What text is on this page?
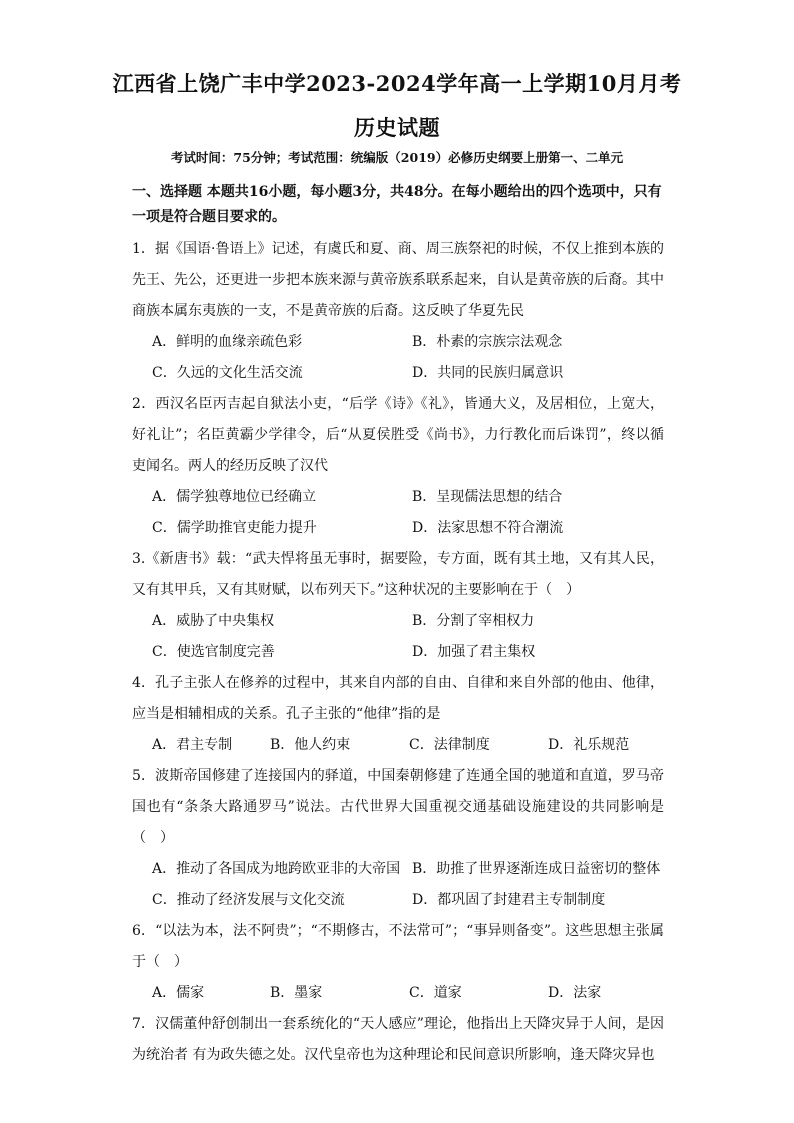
江西省上饶广丰中学2023-2024学年高一上学期10月月考
历史试题
考试时间：75分钟；考试范围：统编版（2019）必修历史纲要上册第一、二单元

一、选择题 本题共16小题，每小题3分，共48分。在每小题给出的四个选项中，只有一项是符合题目要求的。

1．据《国语·鲁语上》记述，有虞氏和夏、商、周三族祭祀的时候，不仅上推到本族的先王、先公，还更进一步把本族来源与黄帝族系联系起来，自认是黄帝族的后裔。其中商族本属东夷族的一支，不是黄帝族的后裔。这反映了华夏先民

A．鲜明的血缘亲疏色彩	B．朴素的宗族宗法观念
C．久远的文化生活交流	D．共同的民族归属意识

2．西汉名臣丙吉起自狱法小吏，“后学《诗》《礼》，皆通大义，及居相位，上宽大，好礼让”；名臣黄霸少学律令，后“从夏侯胜受《尚书》，力行教化而后诛罚”，终以循吏闻名。两人的经历反映了汉代

A．儒学独尊地位已经确立	B．呈现儒法思想的结合
C．儒学助推官吏能力提升	D．法家思想不符合潮流

3.《新唐书》载：“武夫悍将虽无事时，据要险，专方面，既有其土地，又有其人民，又有其甲兵，又有其财赋，以布列天下。”这种状况的主要影响在于（　）

A．威胁了中央集权	B．分割了宰相权力
C．使选官制度完善	D．加强了君主集权

4．孔子主张人在修养的过程中，其来自内部的自由、自律和来自外部的他由、他律，应当是相辅相成的关系。孔子主张的“他律”指的是

A．君主专制	B．他人约束	C．法律制度	D．礼乐规范

5．波斯帝国修建了连接国内的驿道，中国秦朝修建了连通全国的驰道和直道，罗马帝国也有“条条大路通罗马”说法。古代世界大国重视交通基础设施建设的共同影响是（　）

A．推动了各国成为地跨欧亚非的大帝国 B．助推了世界逐渐连成日益密切的整体
C．推动了经济发展与文化交流	D．都巩固了封建君主专制制度

6．“以法为本，法不阿贵”；“不期修古，不法常可”；“事异则备变”。这些思想主张属于（　）

A．儒家	B．墨家	C．道家	D．法家

7．汉儒董仲舒创制出一套系统化的“天人感应”理论，他指出上天降灾异于人间，是因为统治者 有为政失德之处。汉代皇帝也为这种理论和民间意识所影响，逢天降灾异也
